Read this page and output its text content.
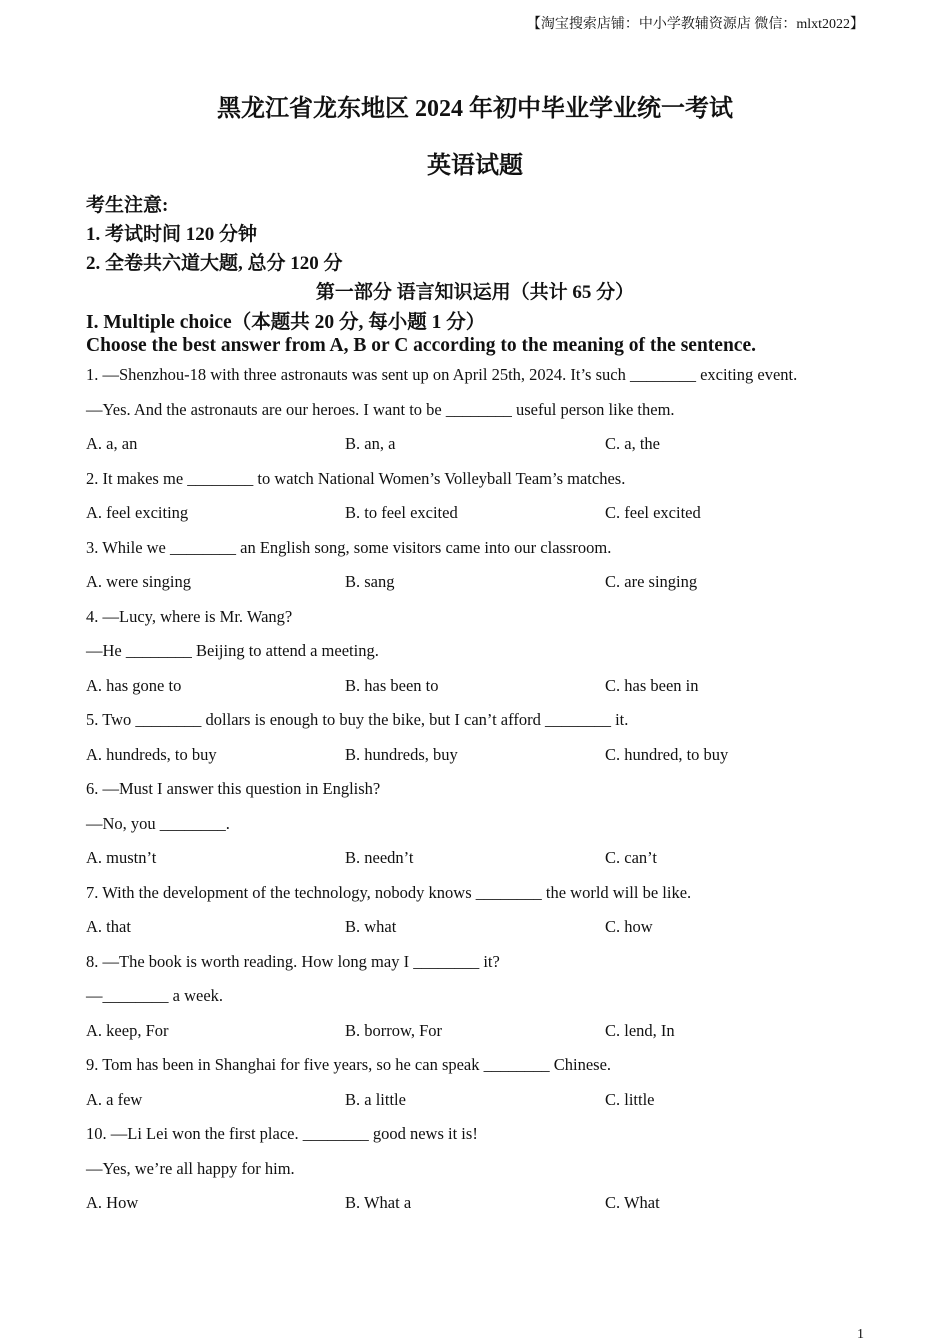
【淘宝搜索店铺：中小学教辅资源店 微信：mlxt2022】
黑龙江省龙东地区 2024 年初中毕业学业统一考试
英语试题

考生注意:

1. 考试时间 120 分钟

2. 全卷共六道大题, 总分 120 分

第一部分 语言知识运用（共计 65 分）

I. Multiple choice（本题共 20 分, 每小题 1 分）

Choose the best answer from A, B or C according to the meaning of the sentence.

1. —Shenzhou-18 with three astronauts was sent up on April 25th, 2024. It’s such ________ exciting event.
—Yes. And the astronauts are our heroes. I want to be ________ useful person like them.
A. a, an	B. an, a	C. a, the
2. It makes me ________ to watch National Women’s Volleyball Team’s matches.
A. feel exciting	B. to feel excited	C. feel excited
3. While we ________ an English song, some visitors came into our classroom.
A. were singing	B. sang	C. are singing
4. —Lucy, where is Mr. Wang?
—He ________ Beijing to attend a meeting.
A. has gone to	B. has been to	C. has been in
5. Two ________ dollars is enough to buy the bike, but I can’t afford ________ it.
A. hundreds, to buy	B. hundreds, buy	C. hundred, to buy
6. —Must I answer this question in English?
—No, you ________.
A. mustn’t	B. needn’t	C. can’t
7. With the development of the technology, nobody knows ________ the world will be like.
A. that	B. what	C. how
8. —The book is worth reading. How long may I ________ it?
—________ a week.
A. keep, For	B. borrow, For	C. lend, In
9. Tom has been in Shanghai for five years, so he can speak ________ Chinese.
A. a few	B. a little	C. little
10. —Li Lei won the first place. ________ good news it is!
—Yes, we’re all happy for him.
A. How	B. What a	C. What
1
